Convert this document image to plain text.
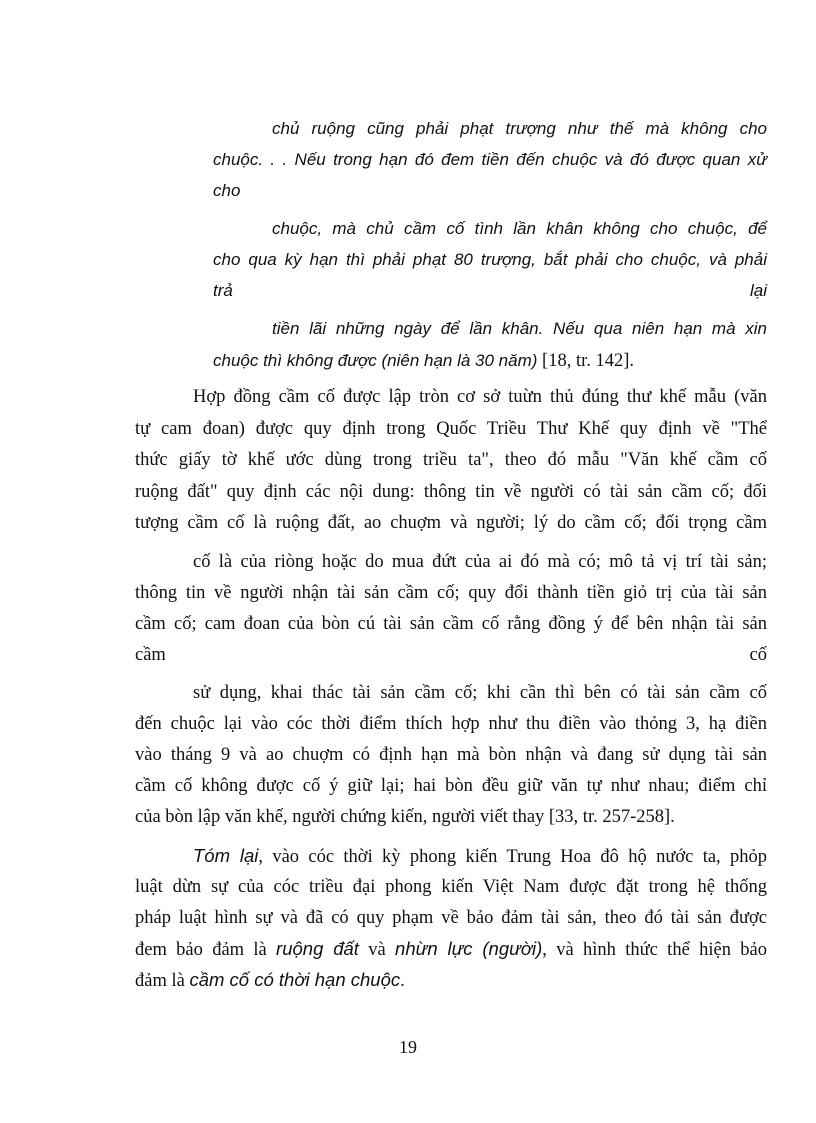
chủ ruộng cũng phải phạt trượng như thế mà không cho
chuộc. . . Nếu trong hạn đó đem tiền đến chuộc và đó được quan xử
cho
chuộc, mà chủ cầm cố tình lần khân không cho chuộc, để
cho qua kỳ hạn thì phải phạt 80 trượng, bắt phải cho chuộc, và phải
trả	lại
tiền lãi những ngày để lần khân. Nếu qua niên hạn mà xin
chuộc thì không được (niên hạn là 30 năm) [18, tr. 142].
Hợp đồng cầm cố được lập tròn cơ sở tuừn thủ đúng thư khế mẫu (văn
tự cam đoan) được quy định trong Quốc Triều Thư Khế quy định về "Thể
thức giấy tờ khế ước dùng trong triều ta", theo đó mẫu "Văn khế cầm cố
ruộng đất" quy định các nội dung: thông tin về người có tài sản cầm cố; đối
tượng cầm cố là ruộng đất, ao chuợm và người; lý do cầm cố; đối trọng cầm
cố là của riòng hoặc do mua đứt của ai đó mà có; mô tả vị trí tài sản;
thông tin về người nhận tài sản cầm cố; quy đổi thành tiền giỏ trị của tài sản
cầm cố; cam đoan của bòn cú tài sản cầm cố rằng đồng ý để bên nhận tài sản
cầm	cố
sử dụng, khai thác tài sản cầm cố; khi cần thì bên có tài sản cầm cố
đến chuộc lại vào cóc thời điểm thích hợp như thu điền vào thỏng 3, hạ điền
vào tháng 9 và ao chuợm có định hạn mà bòn nhận và đang sử dụng tài sản
cầm cố không được cố ý giữ lại; hai bòn đều giữ văn tự như nhau; điểm chỉ
của bòn lập văn khế, người chứng kiến, người viết thay [33, tr. 257-258].
Tóm lại, vào cóc thời kỳ phong kiến Trung Hoa đô hộ nước ta, phỏp
luật dừn sự của cóc triều đại phong kiến Việt Nam được đặt trong hệ thống
pháp luật hình sự và đã có quy phạm về bảo đảm tài sản, theo đó tài sản được
đem bảo đảm là ruộng đất và nhừn lực (người), và hình thức thể hiện bảo
đảm là cầm cố có thời hạn chuộc.
19
